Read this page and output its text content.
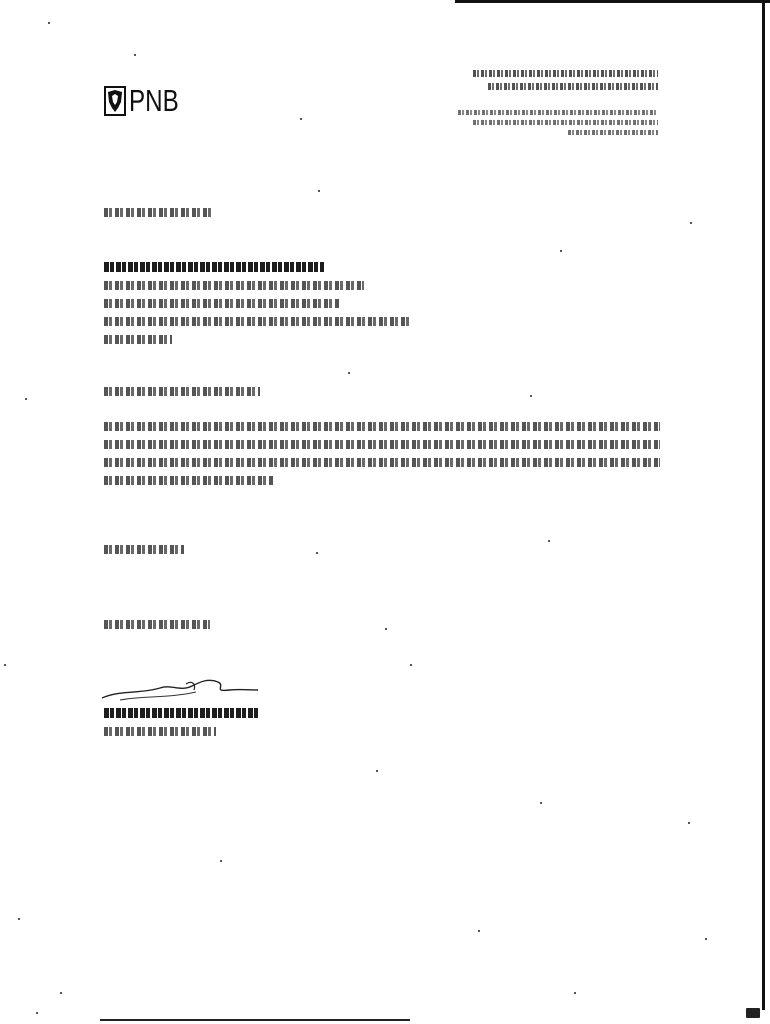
PNB
